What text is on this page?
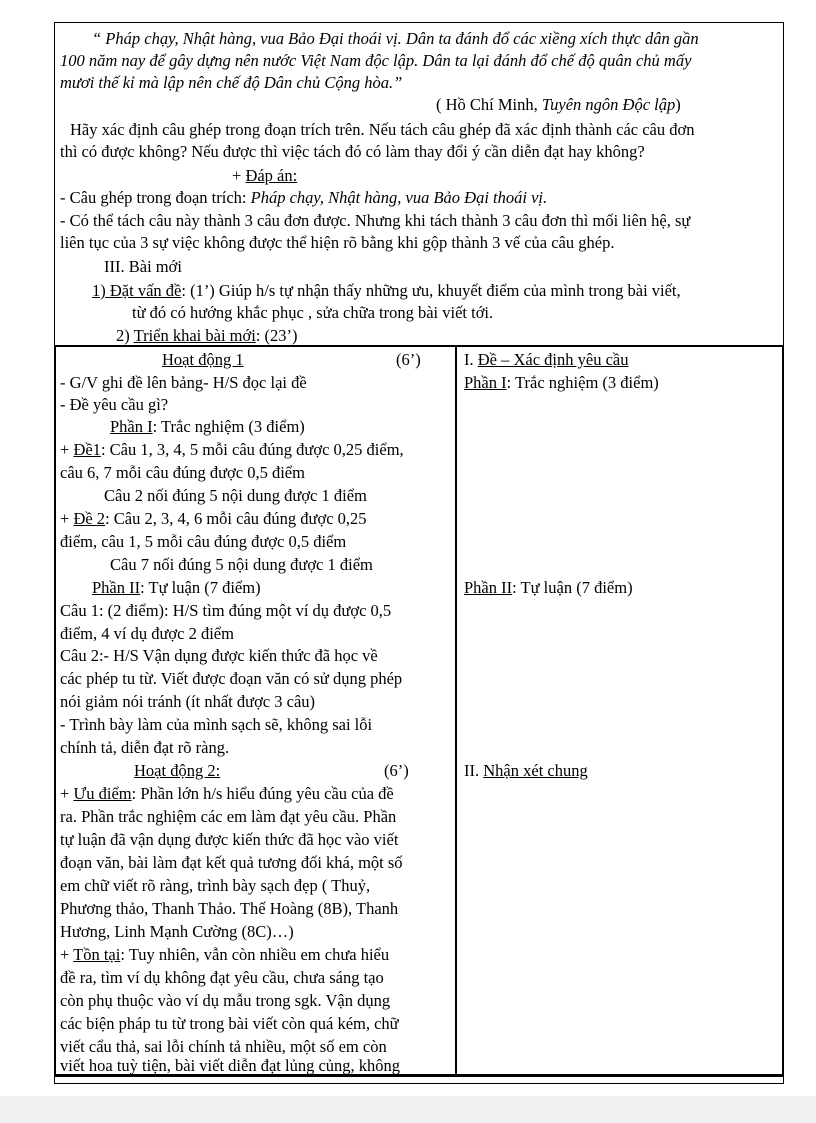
“ Pháp chạy, Nhật hàng, vua Bảo Đại thoái vị. Dân ta đánh đổ các xiềng xích thực dân gần
100 năm nay để gây dựng nên nước Việt Nam độc lập. Dân ta lại đánh đổ chế độ quân chủ mấy
mươi thế kỉ mà lập nên chế độ Dân chủ Cộng hòa.”
( Hồ Chí Minh, Tuyên ngôn Độc lập)
Hãy xác định câu ghép trong đoạn trích trên. Nếu tách câu ghép đã xác định thành các câu đơn
thì có được không? Nếu được thì việc tách đó có làm thay đổi ý cần diễn đạt hay không?
+ Đáp án:
- Câu ghép trong đoạn trích: Pháp chạy, Nhật hàng, vua Bảo Đại thoái vị.
- Có thể tách câu này thành 3 câu đơn được. Nhưng khi tách thành 3 câu đơn thì mối liên hệ, sự
liên tục của 3 sự việc không được thể hiện rõ bằng khi gộp thành 3 vế của câu ghép.
III. Bài mới
1) Đặt vấn đề: (1’) Giúp h/s tự nhận thấy những ưu, khuyết điểm của mình trong bài viết,
từ đó có hướng khắc phục , sửa chữa trong bài viết tới.
2) Triển khai bài mới: (23’)
Hoạt động 1	(6’)
- G/V ghi đề lên bảng- H/S đọc lại đề
- Đề yêu cầu gì?
Phần I: Trắc nghiệm (3 điểm)
+ Đề1: Câu 1, 3, 4, 5 mỗi câu đúng được 0,25 điểm,
câu 6, 7 mỗi câu đúng được 0,5 điểm
Câu 2 nối đúng 5 nội dung được 1 điểm
+ Đề 2: Câu 2, 3, 4, 6 mỗi câu đúng được 0,25
điểm, câu 1, 5 mỗi câu đúng được 0,5 điểm
Câu 7 nối đúng 5 nội dung được 1 điểm
Phần II: Tự luận (7 điểm)
Câu 1: (2 điểm): H/S tìm đúng một ví dụ được 0,5
điểm, 4 ví dụ được 2 điểm
Câu 2:- H/S Vận dụng được kiến thức đã học về
các phép tu từ. Viết được đoạn văn có sử dụng phép
nói giảm nói tránh (ít nhất được 3 câu)
- Trình bày làm của mình sạch sẽ, không sai lỗi
chính tả, diễn đạt rõ ràng.
Hoạt động 2:	(6’)
+ Ưu điểm: Phần lớn h/s hiểu đúng yêu cầu của đề
ra. Phần trắc nghiệm các em làm đạt yêu cầu. Phần
tự luận đã vận dụng được kiến thức đã học vào viết
đoạn văn, bài làm đạt kết quả tương đối khá, một số
em chữ viết rõ ràng, trình bày sạch đẹp ( Thuỷ,
Phương thảo, Thanh Thảo. Thế Hoàng (8B), Thanh
Hương, Linh Mạnh Cường (8C)…)
+ Tồn tại: Tuy nhiên, vẫn còn nhiều em chưa hiểu
đề ra, tìm ví dụ không đạt yêu cầu, chưa sáng tạo
còn phụ thuộc vào ví dụ mẫu trong sgk. Vận dụng
các biện pháp tu từ trong bài viết còn quá kém, chữ
viết cẩu thả, sai lỗi chính tả nhiều, một số em còn
viết hoa tuỳ tiện, bài viết diễn đạt lủng củng, không
I. Đề – Xác định yêu cầu
Phần I: Trắc nghiệm (3 điểm)
Phần II: Tự luận (7 điểm)
II. Nhận xét chung
